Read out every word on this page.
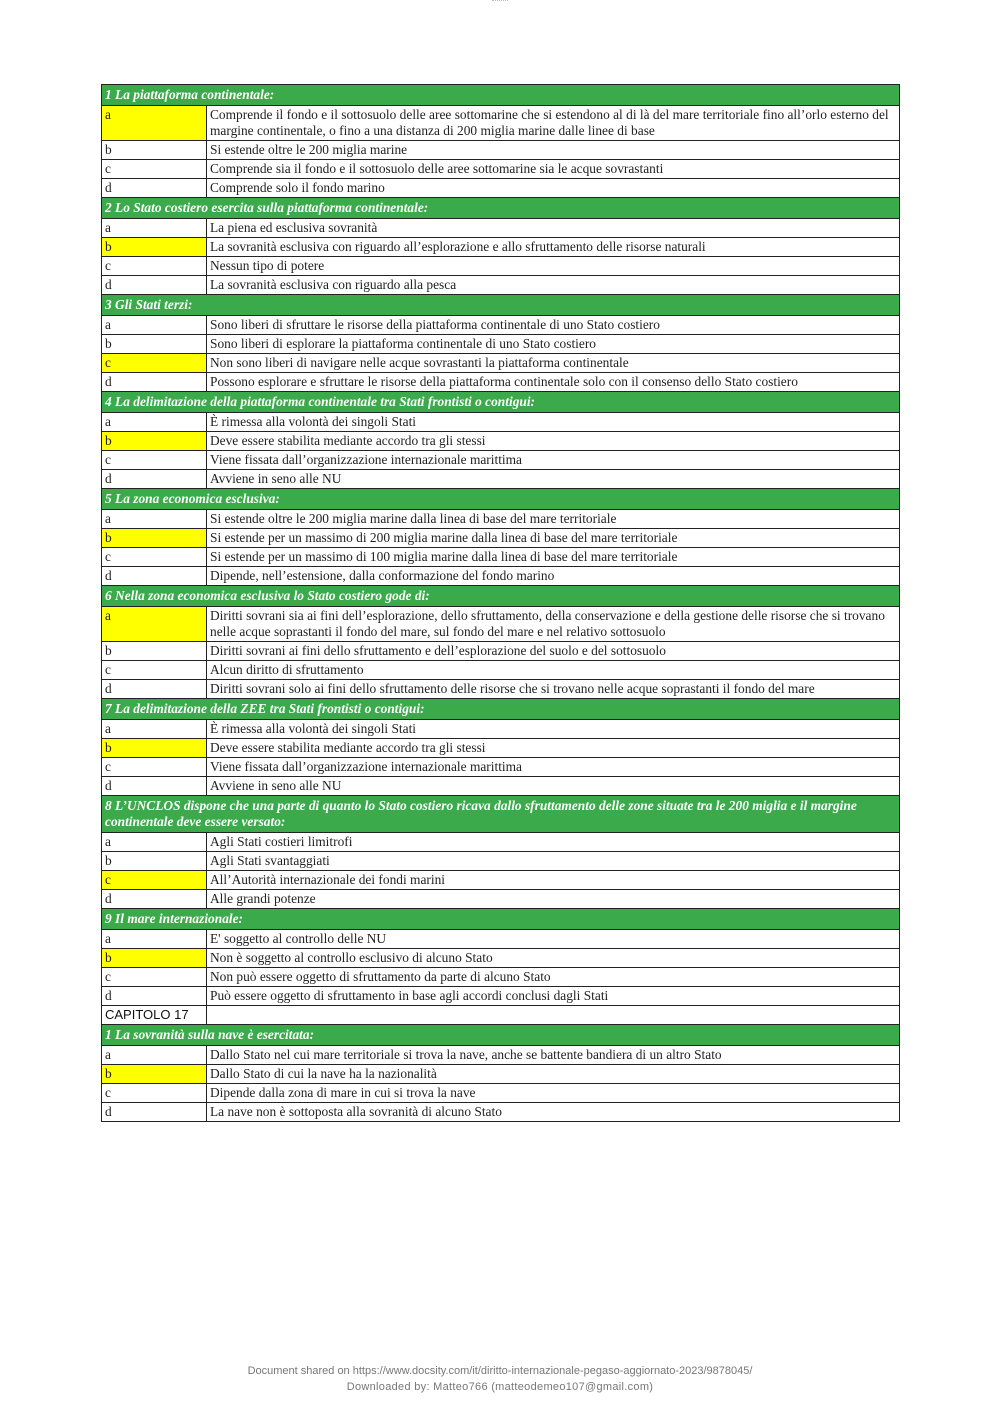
1 La piattaforma continentale:	
a	Comprende il fondo e il sottosuolo delle aree sottomarine che si estendono al di là del mare territoriale fino all’orlo esterno del margine continentale, o fino a una distanza di 200 miglia marine dalle linee di base
b	Si estende oltre le 200 miglia marine
c	Comprende sia il fondo e il sottosuolo delle aree sottomarine sia le acque sovrastanti
d	Comprende solo il fondo marino
2 Lo Stato costiero esercita sulla piattaforma continentale:	
a	La piena ed esclusiva sovranità
b	La sovranità esclusiva con riguardo all’esplorazione e allo sfruttamento delle risorse naturali
c	Nessun tipo di potere
d	La sovranità esclusiva con riguardo alla pesca
3 Gli Stati terzi:	
a	Sono liberi di sfruttare le risorse della piattaforma continentale di uno Stato costiero
b	Sono liberi di esplorare la piattaforma continentale di uno Stato costiero
c	Non sono liberi di navigare nelle acque sovrastanti la piattaforma continentale
d	Possono esplorare e sfruttare le risorse della piattaforma continentale solo con il consenso dello Stato costiero
4 La delimitazione della piattaforma continentale tra Stati frontisti o contigui:	
a	È rimessa alla volontà dei singoli Stati
b	Deve essere stabilita mediante accordo tra gli stessi
c	Viene fissata dall’organizzazione internazionale marittima
d	Avviene in seno alle NU
5 La zona economica esclusiva:	
a	Si estende oltre le 200 miglia marine dalla linea di base del mare territoriale
b	Si estende per un massimo di 200 miglia marine dalla linea di base del mare territoriale
c	Si estende per un massimo di 100 miglia marine dalla linea di base del mare territoriale
d	Dipende, nell’estensione, dalla conformazione del fondo marino
6 Nella zona economica esclusiva lo Stato costiero gode di:	
a	Diritti sovrani sia ai fini dell’esplorazione, dello sfruttamento, della conservazione e della gestione delle risorse che si trovano nelle acque soprastanti il fondo del mare, sul fondo del mare e nel relativo sottosuolo
b	Diritti sovrani ai fini dello sfruttamento e dell’esplorazione del suolo e del sottosuolo
c	Alcun diritto di sfruttamento
d	Diritti sovrani solo ai fini dello sfruttamento delle risorse che si trovano nelle acque soprastanti il fondo del mare
7 La delimitazione della ZEE tra Stati frontisti o contigui:	
a	È rimessa alla volontà dei singoli Stati
b	Deve essere stabilita mediante accordo tra gli stessi
c	Viene fissata dall’organizzazione internazionale marittima
d	Avviene in seno alle NU
8 L’UNCLOS dispone che una parte di quanto lo Stato costiero ricava dallo sfruttamento delle zone situate tra le 200 miglia e il margine continentale deve essere versato:	
a	Agli Stati costieri limitrofi
b	Agli Stati svantaggiati
c	All’Autorità internazionale dei fondi marini
d	Alle grandi potenze
9 Il mare internazionale:	
a	E' soggetto al controllo delle NU
b	Non è soggetto al controllo esclusivo di alcuno Stato
c	Non può essere oggetto di sfruttamento da parte di alcuno Stato
d	Può essere oggetto di sfruttamento in base agli accordi conclusi dagli Stati
CAPITOLO 17	
1 La sovranità sulla nave è esercitata:	
a	Dallo Stato nel cui mare territoriale si trova la nave, anche se battente bandiera di un altro Stato
b	Dallo Stato di cui la nave ha la nazionalità
c	Dipende dalla zona di mare in cui si trova la nave
d	La nave non è sottoposta alla sovranità di alcuno Stato
Document shared on https://www.docsity.com/it/diritto-internazionale-pegaso-aggiornato-2023/9878045/
Downloaded by: Matteo766 (matteodemeo107@gmail.com)
